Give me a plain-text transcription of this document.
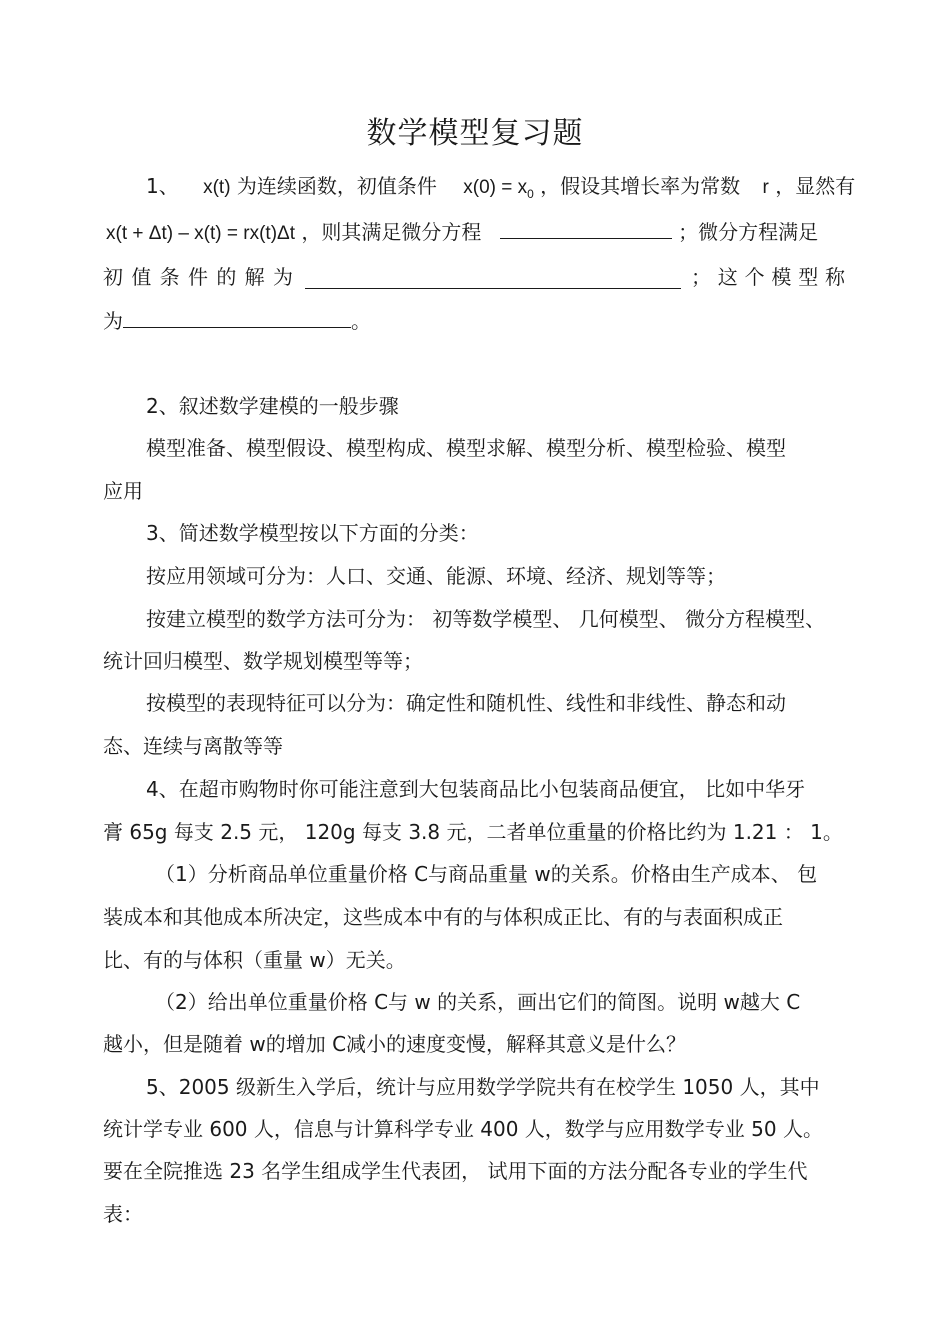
数学模型复习题
1、 x(t) 为连续函数，初值条件 $x(0) = x_0$ ，假设其增长率为常数 r ，显然有
x(t + Δt) – x(t) = rx(t)Δt ，则其满足微分方程	；微分方程满足
初 值 条 件 的 解 为	； 这 个 模 型 称
为	。
2、叙述数学建模的一般步骤
模型准备、模型假设、模型构成、模型求解、模型分析、模型检验、模型
应用
3、简述数学模型按以下方面的分类：
按应用领域可分为：人口、交通、能源、环境、经济、规划等等；
按建立模型的数学方法可分为： 初等数学模型、 几何模型、 微分方程模型、
统计回归模型、数学规划模型等等；
按模型的表现特征可以分为：确定性和随机性、线性和非线性、静态和动
态、连续与离散等等
4、在超市购物时你可能注意到大包装商品比小包装商品便宜， 比如中华牙
膏 65g 每支 2.5 元， 120g 每支 3.8 元，二者单位重量的价格比约为 1.21 ： 1。
（1）分析商品单位重量价格 C与商品重量 w的关系。价格由生产成本、 包
装成本和其他成本所决定，这些成本中有的与体积成正比、有的与表面积成正
比、有的与体积（重量 w）无关。
（2）给出单位重量价格 C与 w 的关系，画出它们的简图。说明 w越大 C
越小，但是随着 w的增加 C减小的速度变慢，解释其意义是什么？
5、2005 级新生入学后，统计与应用数学学院共有在校学生 1050 人，其中
统计学专业 600 人，信息与计算科学专业 400 人，数学与应用数学专业 50 人。
要在全院推选 23 名学生组成学生代表团， 试用下面的方法分配各专业的学生代
表：
